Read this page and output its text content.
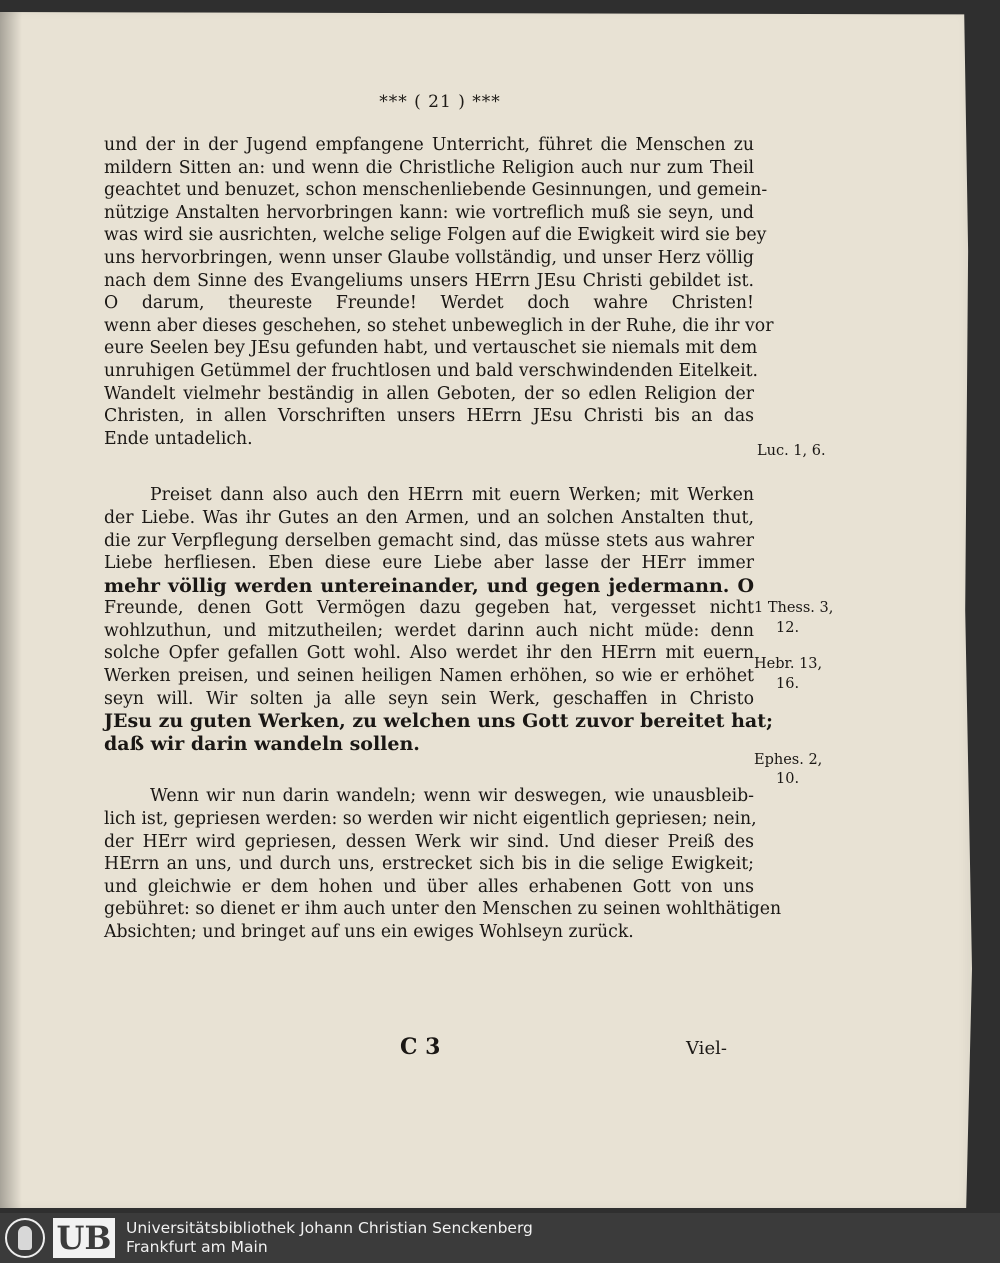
*** ( 21 ) ***

und der in der Jugend empfangene Unterricht, führet die Menschen zu
mildern Sitten an: und wenn die Christliche Religion auch nur zum Theil
geachtet und benuzet, schon menschenliebende Gesinnungen, und gemein-
nützige Anstalten hervorbringen kann: wie vortreflich muß sie seyn, und
was wird sie ausrichten, welche selige Folgen auf die Ewigkeit wird sie bey
uns hervorbringen, wenn unser Glaube vollständig, und unser Herz völlig
nach dem Sinne des Evangeliums unsers HErrn JEsu Christi gebildet ist.
O darum, theureste Freunde! Werdet doch wahre Christen!
wenn aber dieses geschehen, so stehet unbeweglich in der Ruhe, die ihr vor
eure Seelen bey JEsu gefunden habt, und vertauschet sie niemals mit dem
unruhigen Getümmel der fruchtlosen und bald verschwindenden Eitelkeit.
Wandelt vielmehr beständig in allen Geboten, der so edlen Religion der
Christen, in allen Vorschriften unsers HErrn JEsu Christi bis an das
Ende untadelich.

Preiset dann also auch den HErrn mit euern Werken; mit Werken
der Liebe. Was ihr Gutes an den Armen, und an solchen Anstalten thut,
die zur Verpflegung derselben gemacht sind, das müsse stets aus wahrer
Liebe herfliesen. Eben diese eure Liebe aber lasse der HErr immer
mehr völlig werden untereinander, und gegen jedermann. O
Freunde, denen Gott Vermögen dazu gegeben hat, vergesset nicht
wohlzuthun, und mitzutheilen; werdet darinn auch nicht müde: denn
solche Opfer gefallen Gott wohl. Also werdet ihr den HErrn mit euern
Werken preisen, und seinen heiligen Namen erhöhen, so wie er erhöhet
seyn will. Wir solten ja alle seyn sein Werk, geschaffen in Christo
JEsu zu guten Werken, zu welchen uns Gott zuvor bereitet hat;
daß wir darin wandeln sollen.

Wenn wir nun darin wandeln; wenn wir deswegen, wie unausbleib-
lich ist, gepriesen werden: so werden wir nicht eigentlich gepriesen; nein,
der HErr wird gepriesen, dessen Werk wir sind. Und dieser Preiß des
HErrn an uns, und durch uns, erstrecket sich bis in die selige Ewigkeit;
und gleichwie er dem hohen und über alles erhabenen Gott von uns
gebühret: so dienet er ihm auch unter den Menschen zu seinen wohlthätigen
Absichten; und bringet auf uns ein ewiges Wohlseyn zurück.

Luc. 1, 6.
1 Thess. 3,
12.
Hebr. 13,
16.
Ephes. 2,
10.
C 3	Viel-
UB Universitätsbibliothek Johann Christian Senckenberg
Frankfurt am Main
